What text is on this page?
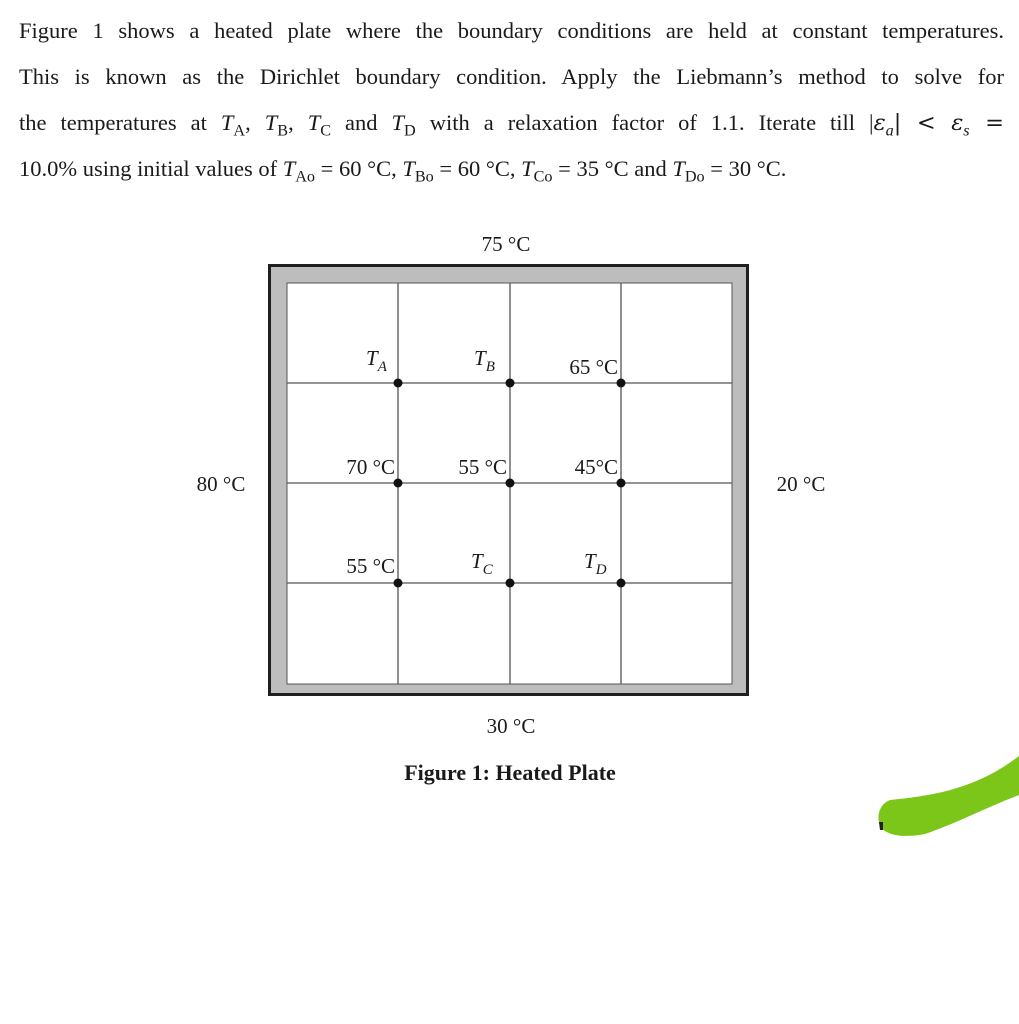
Figure 1 shows a heated plate where the boundary conditions are held at constant temperatures.
This is known as the Dirichlet boundary condition. Apply the Liebmann’s method to solve for
the temperatures at $T_A$, $T_B$, $T_C$ and $T_D$ with a relaxation factor of 1.1. Iterate till $|\varepsilon_a| < \varepsilon_s$ =
10.0% using initial values of $T_{Ao} = 60$ °C, $T_{Bo} = 60$ °C, $T_{Co} = 35$ °C and $T_{Do} = 30$ °C.
75 °C
30 °C
80 °C	20 °C
$T_A$	$T_B$	65 °C
70 °C	55 °C	45°C
55 °C	$T_C$	$T_D$
Figure 1: Heated Plate
